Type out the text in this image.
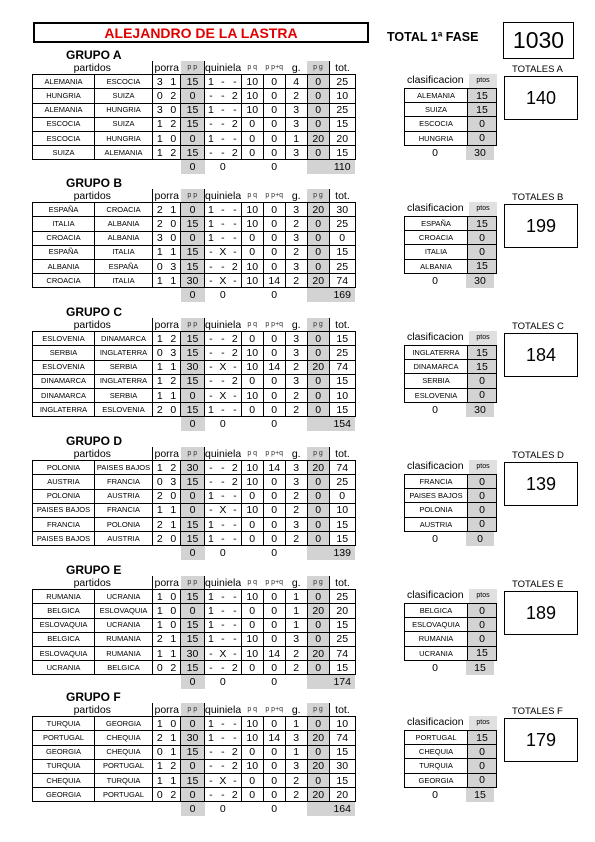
ALEJANDRO DE LA LASTRA	TOTAL 1ª FASE	1030
GRUPO A
partidos		porra		p p	quiniela			p q	p p+q	g.	p g	tot.
ALEMANIA	ESCOCIA	3	1	15	1	-	-	10	0	4	0	25
HUNGRIA	SUIZA	0	2	0	-	-	2	10	0	2	0	10
ALEMANIA	HUNGRIA	3	0	15	1	-	-	10	0	3	0	25
ESCOCIA	SUIZA	1	2	15	-	-	2	0	0	3	0	15
ESCOCIA	HUNGRIA	1	0	0	1	-	-	0	0	1	20	20
SUIZA	ALEMANIA	1	2	15	-	-	2	0	0	3	0	15
				0	0				0			110
clasificacion	ptos
ALEMANIA	15
SUIZA	15
ESCOCIA	0
HUNGRIA	0
0	30
TOTALES A
140
GRUPO B
partidos		porra		p p	quiniela			p q	p p+q	g.	p g	tot.
ESPAÑA	CROACIA	2	1	0	1	-	-	10	0	3	20	30
ITALIA	ALBANIA	2	0	15	1	-	-	10	0	2	0	25
CROACIA	ALBANIA	3	0	0	1	-	-	0	0	3	0	0
ESPAÑA	ITALIA	1	1	15	-	X	-	0	0	2	0	15
ALBANIA	ESPAÑA	0	3	15	-	-	2	10	0	3	0	25
CROACIA	ITALIA	1	1	30	-	X	-	10	14	2	20	74
				0	0				0			169
clasificacion	ptos
ESPAÑA	15
CROACIA	0
ITALIA	0
ALBANIA	15
0	30
TOTALES B
199
GRUPO C
partidos		porra		p p	quiniela			p q	p p+q	g.	p g	tot.
ESLOVENIA	DINAMARCA	1	2	15	-	-	2	0	0	3	0	15
SERBIA	INGLATERRA	0	3	15	-	-	2	10	0	3	0	25
ESLOVENIA	SERBIA	1	1	30	-	X	-	10	14	2	20	74
DINAMARCA	INGLATERRA	1	2	15	-	-	2	0	0	3	0	15
DINAMARCA	SERBIA	1	1	0	-	X	-	10	0	2	0	10
INGLATERRA	ESLOVENIA	2	0	15	1	-	-	0	0	2	0	15
				0	0				0			154
clasificacion	ptos
INGLATERRA	15
DINAMARCA	15
SERBIA	0
ESLOVENIA	0
0	30
TOTALES C
184
GRUPO D
partidos		porra		p p	quiniela			p q	p p+q	g.	p g	tot.
POLONIA	PAISES BAJOS	1	2	30	-	-	2	10	14	3	20	74
AUSTRIA	FRANCIA	0	3	15	-	-	2	10	0	3	0	25
POLONIA	AUSTRIA	2	0	0	1	-	-	0	0	2	0	0
PAISES BAJOS	FRANCIA	1	1	0	-	X	-	10	0	2	0	10
FRANCIA	POLONIA	2	1	15	1	-	-	0	0	3	0	15
PAISES BAJOS	AUSTRIA	2	0	15	1	-	-	0	0	2	0	15
				0	0				0			139
clasificacion	ptos
FRANCIA	0
PAISES BAJOS	0
POLONIA	0
AUSTRIA	0
0	0
TOTALES D
139
GRUPO E
partidos		porra		p p	quiniela			p q	p p+q	g.	p g	tot.
RUMANIA	UCRANIA	1	0	15	1	-	-	10	0	1	0	25
BELGICA	ESLOVAQUIA	1	0	0	1	-	-	0	0	1	20	20
ESLOVAQUIA	UCRANIA	1	0	15	1	-	-	0	0	1	0	15
BELGICA	RUMANIA	2	1	15	1	-	-	10	0	3	0	25
ESLOVAQUIA	RUMANIA	1	1	30	-	X	-	10	14	2	20	74
UCRANIA	BELGICA	0	2	15	-	-	2	0	0	2	0	15
				0	0				0			174
clasificacion	ptos
BELGICA	0
ESLOVAQUIA	0
RUMANIA	0
UCRANIA	15
0	15
TOTALES E
189
GRUPO F
partidos		porra		p p	quiniela			p q	p p+q	g.	p g	tot.
TURQUIA	GEORGIA	1	0	0	1	-	-	10	0	1	0	10
PORTUGAL	CHEQUIA	2	1	30	1	-	-	10	14	3	20	74
GEORGIA	CHEQUIA	0	1	15	-	-	2	0	0	1	0	15
TURQUIA	PORTUGAL	1	2	0	-	-	2	10	0	3	20	30
CHEQUIA	TURQUIA	1	1	15	-	X	-	0	0	2	0	15
GEORGIA	PORTUGAL	0	2	0	-	-	2	0	0	2	20	20
				0	0				0			164
clasificacion	ptos
PORTUGAL	15
CHEQUIA	0
TURQUIA	0
GEORGIA	0
0	15
TOTALES F
179
